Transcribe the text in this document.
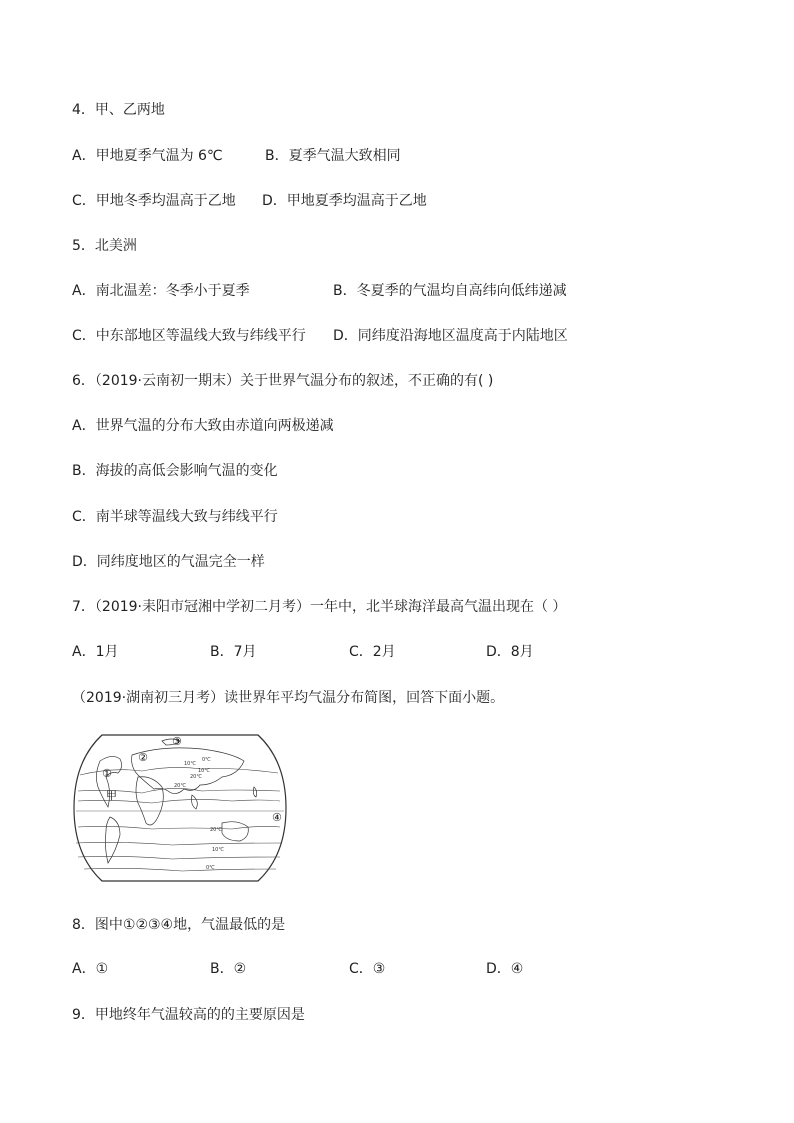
4．甲、乙两地
A．甲地夏季气温为 6℃	B．夏季气温大致相同
C．甲地冬季均温高于乙地 D．甲地夏季均温高于乙地
5．北美洲
A．南北温差：冬季小于夏季	B．冬夏季的气温均自高纬向低纬递减
C．中东部地区等温线大致与纬线平行 D．同纬度沿海地区温度高于内陆地区
6．（2019·云南初一期末）关于世界气温分布的叙述，不正确的有( )
A．世界气温的分布大致由赤道向两极递减
B．海拔的高低会影响气温的变化
C．南半球等温线大致与纬线平行
D．同纬度地区的气温完全一样
7．（2019·耒阳市冠湘中学初二月考）一年中，北半球海洋最高气温出现在（ ）
A．1月	B．7月	C．2月	D．8月
（2019·湖南初三月考）读世界年平均气温分布简图，回答下面小题。
10℃
20℃
20℃
10℃
0℃
20℃
10℃
0℃
①
②
③
④
甲
8．图中①②③④地，气温最低的是
A．①	B．②	C．③	D．④
9．甲地终年气温较高的的主要原因是
